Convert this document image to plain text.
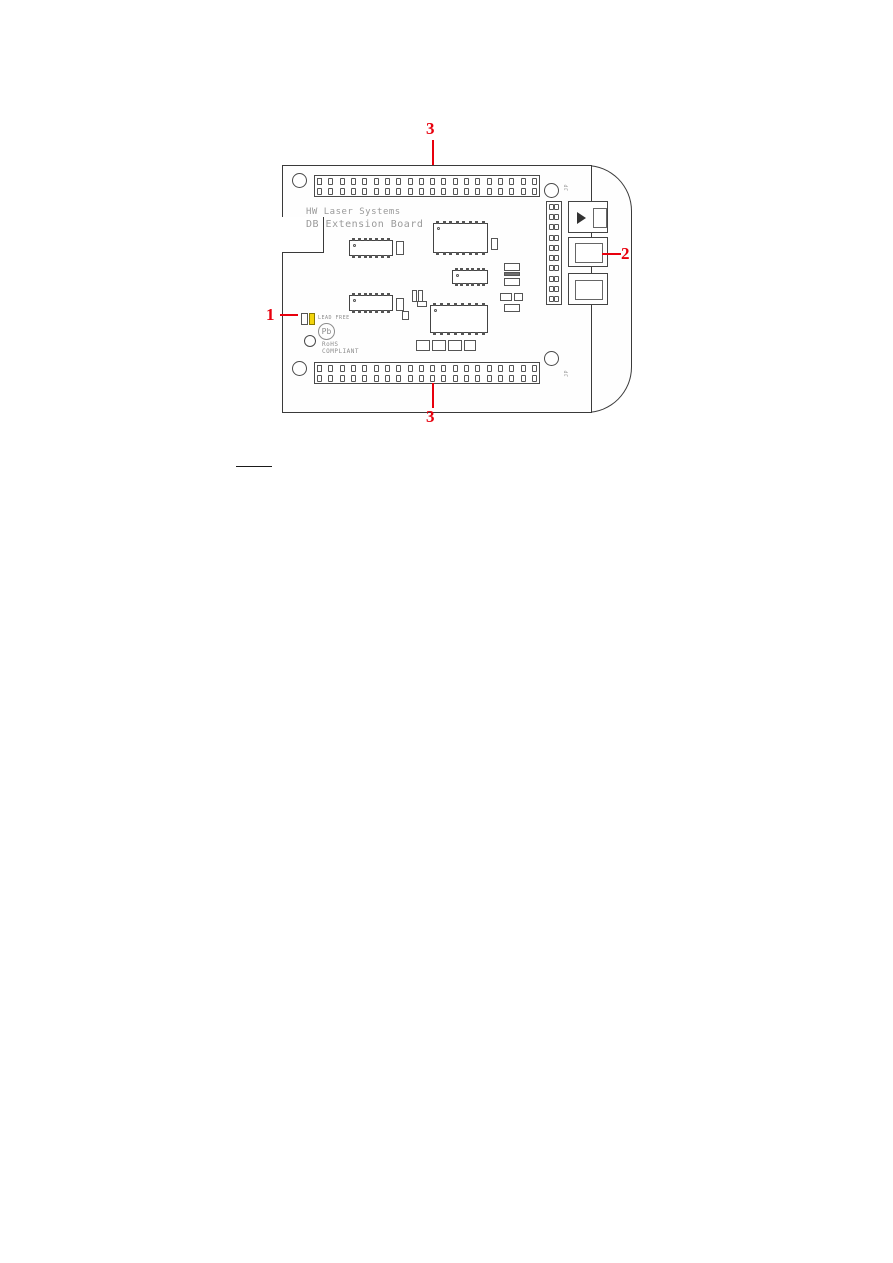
3
HW Laser Systems
DB Extension Board
JP
JP
LEAD FREE
Pb
RoHS
COMPLIANT
1
2
3
